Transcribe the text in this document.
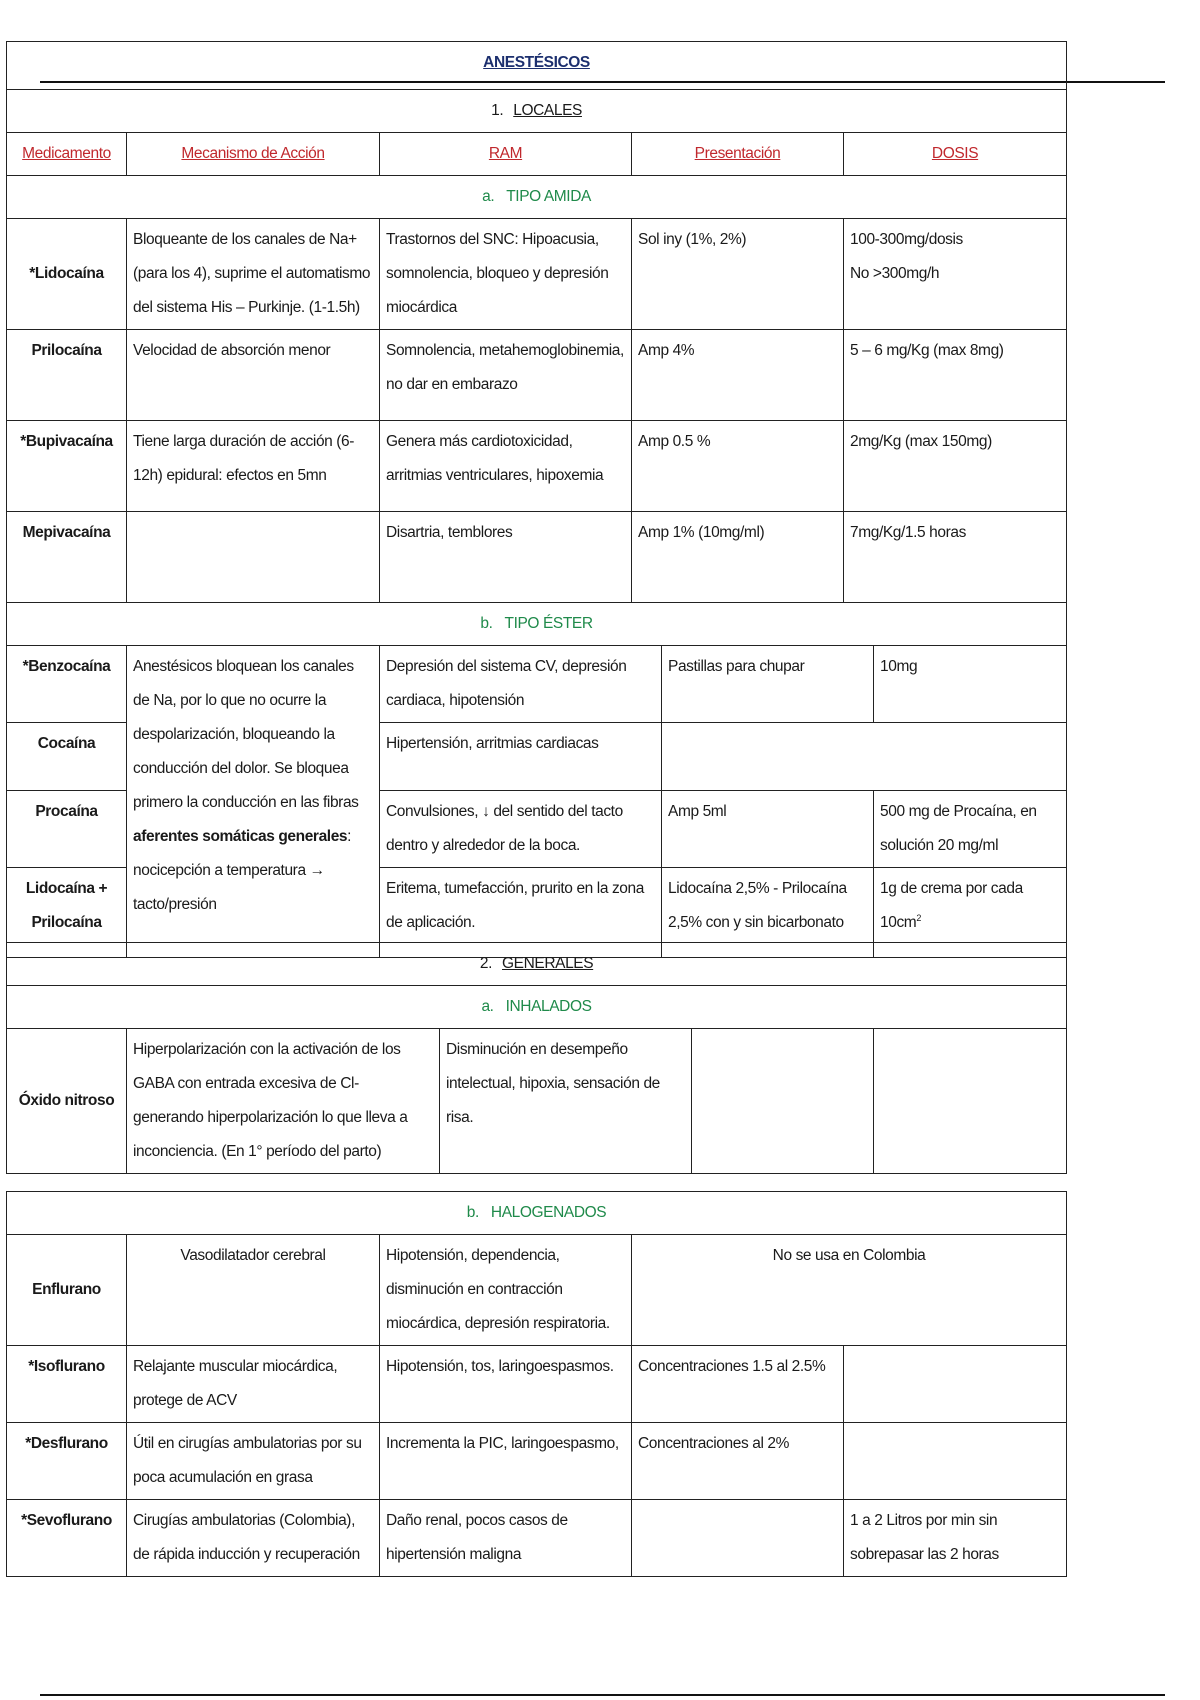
ANESTÉSICOS						
1. LOCALES						
Medicamento	Mecanismo de Acción	RAM	Presentación		DOSIS	
a. TIPO AMIDA						
*Lidocaína	Bloqueante de los canales de Na+ (para los 4), suprime el automatismo del sistema His – Purkinje. (1-1.5h)	Trastornos del SNC: Hipoacusia, somnolencia, bloqueo y depresión miocárdica	Sol iny (1%, 2%)		100-300mg/dosis
No >300mg/h	

Prilocaína	Velocidad de absorción menor	Somnolencia, metahemoglobinemia, no dar en embarazo	Amp 4%		5 – 6 mg/Kg (max 8mg)	
*Bupivacaína	Tiene larga duración de acción (6-12h) epidural: efectos en 5mn	Genera más cardiotoxicidad, arritmias ventriculares, hipoxemia	Amp 0.5 %		2mg/Kg (max 150mg)	
Mepivacaína		Disartria, temblores	Amp 1% (10mg/ml)		7mg/Kg/1.5 horas	
b. TIPO ÉSTER						
*Benzocaína	Anestésicos bloquean los canales de Na, por lo que no ocurre la despolarización, bloqueando la conducción del dolor. Se bloquea primero la conducción en las fibras aferentes somáticas generales: nocicepción a temperatura → tacto/presión	Depresión del sistema CV, depresión cardiaca, hipotensión		Pastillas para chupar		10mg
Cocaína		Hipertensión, arritmias cardiacas				
Procaína		Convulsiones, ↓ del sentido del tacto dentro y alrededor de la boca.		Amp 5ml		500 mg de Procaína, en solución 20 mg/ml
Lidocaína + Prilocaína		Eritema, tumefacción, prurito en la zona de aplicación.		Lidocaína 2,5% - Prilocaína 2,5% con y sin bicarbonato		1g de crema por cada $10cm^2$
2. GENERALES
a. INHALADOS
Óxido nitroso	Hiperpolarización con la activación de los GABA con entrada excesiva de Cl- generando hiperpolarización lo que lleva a inconciencia. (En 1° período del parto)	Disminución en desempeño intelectual, hipoxia, sensación de risa.		
b. HALOGENADOS				
Enflurano	Vasodilatador cerebral	Hipotensión, dependencia, disminución en contracción miocárdica, depresión respiratoria.	No se usa en Colombia	
*Isoflurano	Relajante muscular miocárdica, protege de ACV	Hipotensión, tos, laringoespasmos.	Concentraciones 1.5 al 2.5%	
*Desflurano	Útil en cirugías ambulatorias por su poca acumulación en grasa	Incrementa la PIC, laringoespasmo,	Concentraciones al 2%	
*Sevoflurano	Cirugías ambulatorias (Colombia), de rápida inducción y recuperación	Daño renal, pocos casos de hipertensión maligna		1 a 2 Litros por min sin sobrepasar las 2 horas
